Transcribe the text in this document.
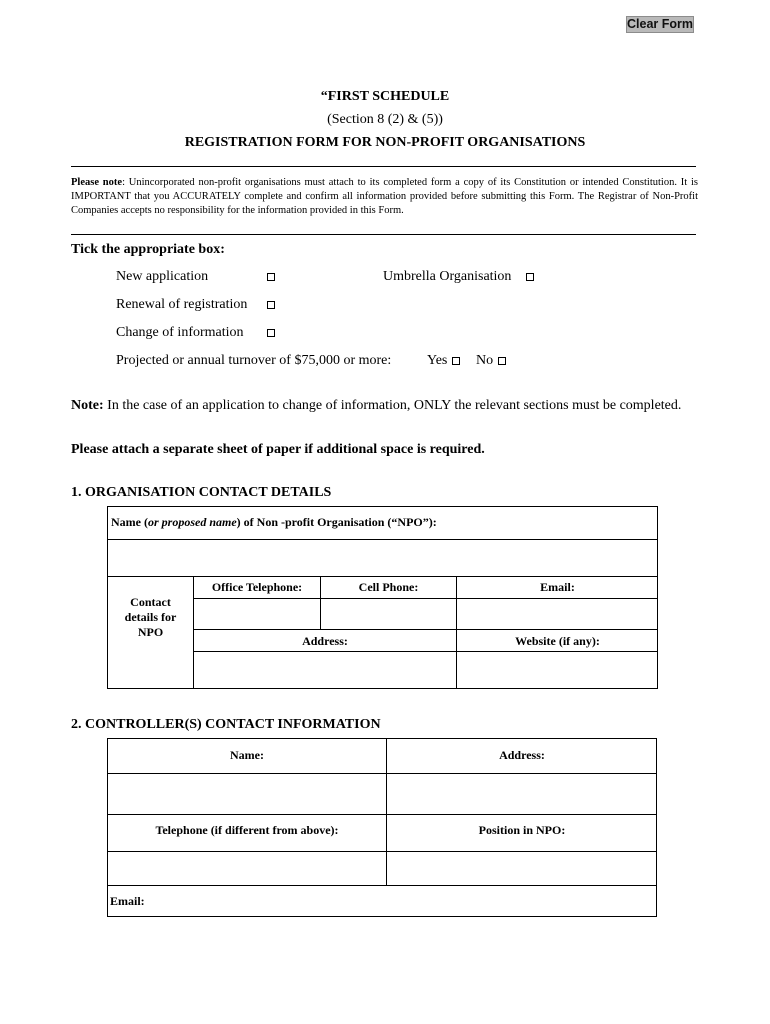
Clear Form
“FIRST SCHEDULE
(Section 8 (2) & (5))
REGISTRATION FORM FOR NON-PROFIT ORGANISATIONS
Please note: Unincorporated non-profit organisations must attach to its completed form a copy of its Constitution or intended Constitution. It is IMPORTANT that you ACCURATELY complete and confirm all information provided before submitting this Form. The Registrar of Non-Profit Companies accepts no responsibility for the information provided in this Form.
Tick the appropriate box:
New application	Umbrella Organisation
Renewal of registration
Change of information
Projected or annual turnover of $75,000 or more:	Yes No
Note: In the case of an application to change of information, ONLY the relevant sections must be completed.
Please attach a separate sheet of paper if additional space is required.
1. ORGANISATION CONTACT DETAILS
Name (or proposed name) of Non -profit Organisation (“NPO”):
Contact
details for
NPO
Office Telephone:	Cell Phone:	Email:
Address:	Website (if any):
2. CONTROLLER(S) CONTACT INFORMATION
Name:	Address:
Telephone (if different from above):	Position in NPO:
Email:
